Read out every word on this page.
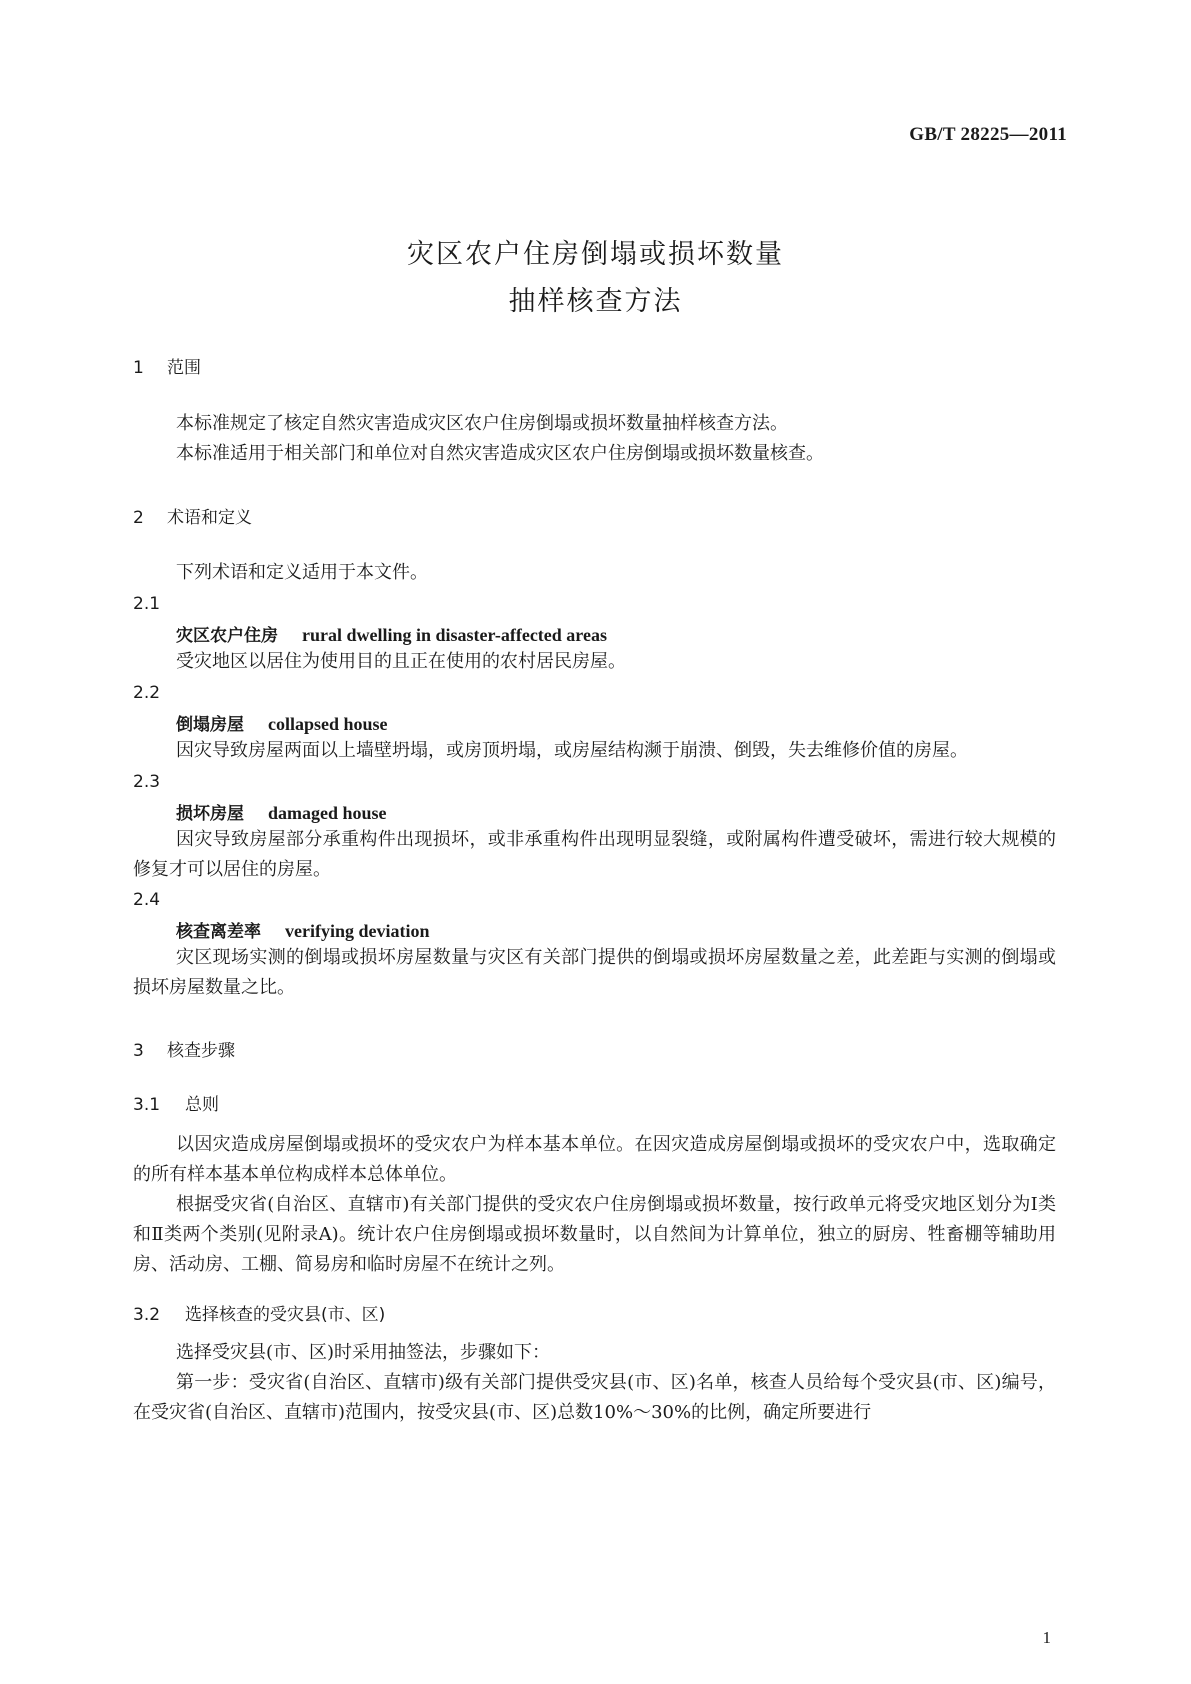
GB/T 28225—2011
灾区农户住房倒塌或损坏数量
抽样核查方法
1 范围
本标准规定了核定自然灾害造成灾区农户住房倒塌或损坏数量抽样核查方法。
本标准适用于相关部门和单位对自然灾害造成灾区农户住房倒塌或损坏数量核查。
2 术语和定义
下列术语和定义适用于本文件。
2.1
灾区农户住房 rural dwelling in disaster-affected areas
受灾地区以居住为使用目的且正在使用的农村居民房屋。
2.2
倒塌房屋 collapsed house
因灾导致房屋两面以上墙壁坍塌，或房顶坍塌，或房屋结构濒于崩溃、倒毁，失去维修价值的房屋。
2.3
损坏房屋 damaged house
因灾导致房屋部分承重构件出现损坏，或非承重构件出现明显裂缝，或附属构件遭受破坏，需进行较大规模的修复才可以居住的房屋。
2.4
核查离差率 verifying deviation
灾区现场实测的倒塌或损坏房屋数量与灾区有关部门提供的倒塌或损坏房屋数量之差，此差距与实测的倒塌或损坏房屋数量之比。
3 核查步骤
3.1 总则
以因灾造成房屋倒塌或损坏的受灾农户为样本基本单位。在因灾造成房屋倒塌或损坏的受灾农户中，选取确定的所有样本基本单位构成样本总体单位。
根据受灾省(自治区、直辖市)有关部门提供的受灾农户住房倒塌或损坏数量，按行政单元将受灾地区划分为Ⅰ类和Ⅱ类两个类别(见附录A)。统计农户住房倒塌或损坏数量时，以自然间为计算单位，独立的厨房、牲畜棚等辅助用房、活动房、工棚、简易房和临时房屋不在统计之列。
3.2 选择核查的受灾县(市、区)
选择受灾县(市、区)时采用抽签法，步骤如下：
第一步：受灾省(自治区、直辖市)级有关部门提供受灾县(市、区)名单，核查人员给每个受灾县(市、区)编号，在受灾省(自治区、直辖市)范围内，按受灾县(市、区)总数10%～30%的比例，确定所要进行
1
